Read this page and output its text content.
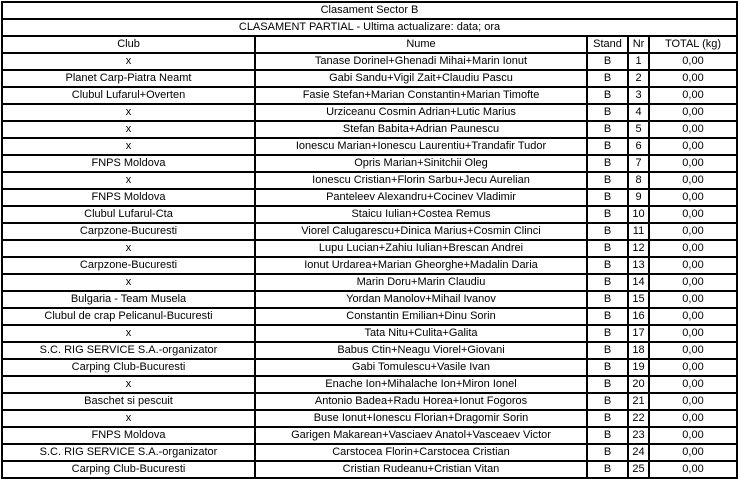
Clasament Sector B				
CLASAMENT PARTIAL - Ultima actualizare: data; ora				
Club	Nume	Stand	Nr	TOTAL (kg)
x	Tanase Dorinel+Ghenadi Mihai+Marin Ionut	B	1	0,00
Planet Carp-Piatra Neamt	Gabi Sandu+Vigil Zait+Claudiu Pascu	B	2	0,00
Clubul Lufarul+Overten	Fasie Stefan+Marian Constantin+Marian Timofte	B	3	0,00
x	Urziceanu Cosmin Adrian+Lutic Marius	B	4	0,00
x	Stefan Babita+Adrian Paunescu	B	5	0,00
x	Ionescu Marian+Ionescu Laurentiu+Trandafir Tudor	B	6	0,00
FNPS Moldova	Opris Marian+Sinitchii Oleg	B	7	0,00
x	Ionescu Cristian+Florin Sarbu+Jecu Aurelian	B	8	0,00
FNPS Moldova	Panteleev Alexandru+Cocinev Vladimir	B	9	0,00
Clubul Lufarul-Cta	Staicu Iulian+Costea Remus	B	10	0,00
Carpzone-Bucuresti	Viorel Calugarescu+Dinica Marius+Cosmin Clinci	B	11	0,00
x	Lupu Lucian+Zahiu Iulian+Brescan Andrei	B	12	0,00
Carpzone-Bucuresti	Ionut Urdarea+Marian Gheorghe+Madalin Daria	B	13	0,00
x	Marin Doru+Marin Claudiu	B	14	0,00
Bulgaria - Team Musela	Yordan Manolov+Mihail Ivanov	B	15	0,00
Clubul de crap Pelicanul-Bucuresti	Constantin Emilian+Dinu Sorin	B	16	0,00
x	Tata Nitu+Culita+Galita	B	17	0,00
S.C. RIG SERVICE S.A.-organizator	Babus Ctin+Neagu Viorel+Giovani	B	18	0,00
Carping Club-Bucuresti	Gabi Tomulescu+Vasile Ivan	B	19	0,00
x	Enache Ion+Mihalache Ion+Miron Ionel	B	20	0,00
Baschet si pescuit	Antonio Badea+Radu Horea+Ionut Fogoros	B	21	0,00
x	Buse Ionut+Ionescu Florian+Dragomir Sorin	B	22	0,00
FNPS Moldova	Garigen Makarean+Vasciaev Anatol+Vasceaev Victor	B	23	0,00
S.C. RIG SERVICE S.A.-organizator	Carstocea Florin+Carstocea Cristian	B	24	0,00
Carping Club-Bucuresti	Cristian Rudeanu+Cristian Vitan	B	25	0,00
